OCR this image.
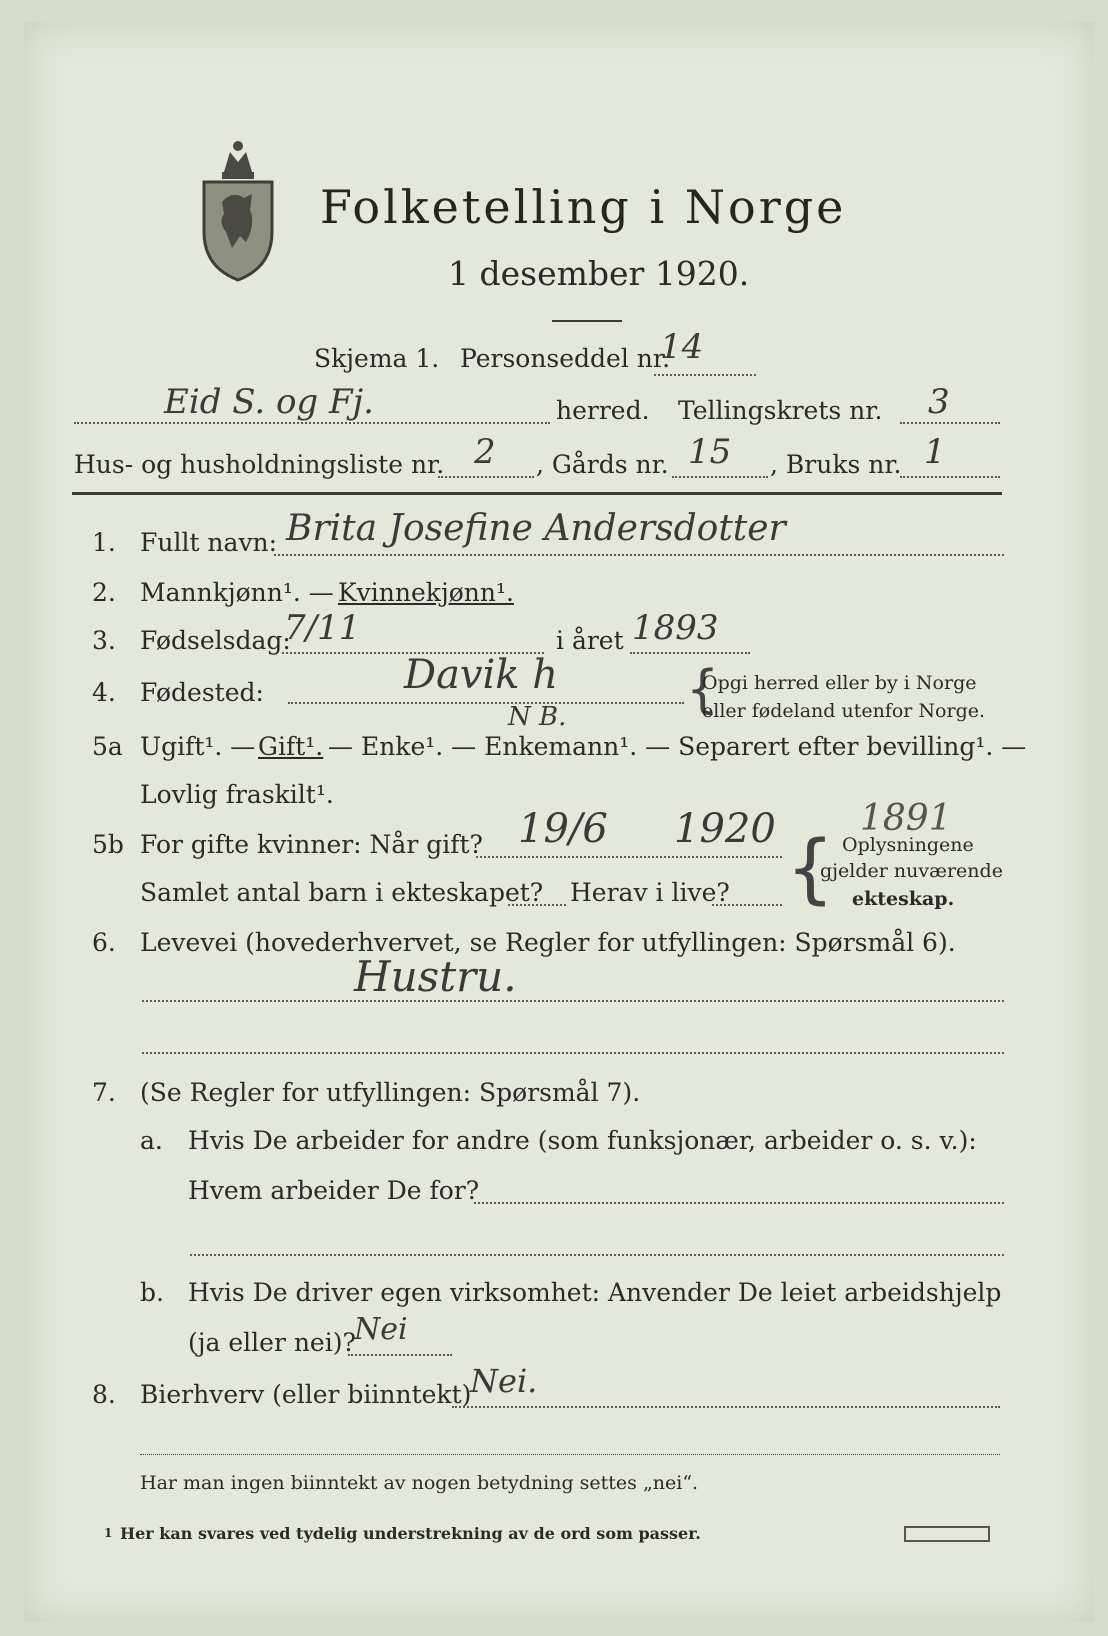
Folketelling i Norge
1 desember 1920.
Skjema 1. Personseddel nr.
14
Eid S. og Fj.	herred. Tellingskrets nr. 3
Hus- og husholdningsliste nr. 2 , Gårds nr. 15 , Bruks nr. 1
1. Fullt navn: Brita Josefine Andersdotter
2. Mannkjønn¹. — Kvinnekjønn¹.
3. Fødselsdag:
7/11	i året 1893
4. Fødested:	Davik h
N B. {
Opgi herred eller by i Norge
eller fødeland utenfor Norge.
5a Ugift¹. — Gift¹. — Enke¹. — Enkemann¹. — Separert efter bevilling¹. —
Lovlig fraskilt¹.
5b For gifte kvinner: Når gift? 19/6 1920 1891
Samlet antal barn i ekteskapet? Herav i live? { Oplysningene
gjelder nuværende
ekteskap.
6. Levevei (hovederhvervet, se Regler for utfyllingen: Spørsmål 6).
Hustru.
7. (Se Regler for utfyllingen: Spørsmål 7).
a. Hvis De arbeider for andre (som funksjonær, arbeider o. s. v.):
Hvem arbeider De for?
b. Hvis De driver egen virksomhet: Anvender De leiet arbeidshjelp
(ja eller nei)?
Nei
8. Bierhverv (eller biinntekt)
Nei.
Har man ingen biinntekt av nogen betydning settes „nei“.
1 Her kan svares ved tydelig understrekning av de ord som passer.
